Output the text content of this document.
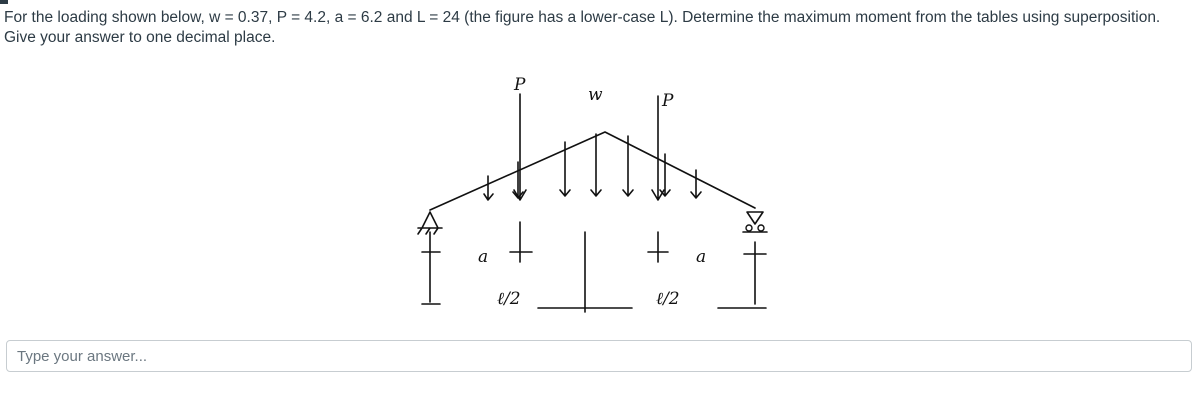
For the loading shown below, w = 0.37, P = 4.2, a = 6.2 and L = 24 (the figure has a lower-case L). Determine the maximum moment from the tables using superposition. Give your answer to one decimal place.
P	w	P
a	a
ℓ/2	ℓ/2
Type your answer...
